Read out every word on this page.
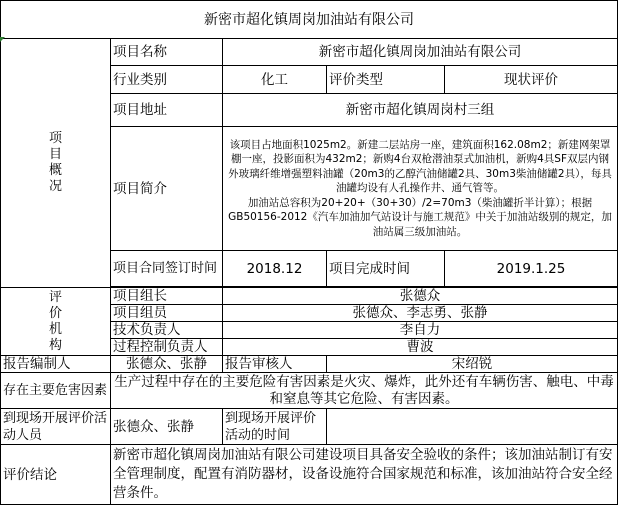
新密市超化镇周岗加油站有限公司				

项
目
概
况	项目名称	新密市超化镇周岗加油站有限公司		
	行业类别	化工	评价类型	现状评价
	项目地址	新密市超化镇周岗村三组		
	项目简介	该项目占地面积1025m2。新建二层站房一座，建筑面积162.08m2；新建网架罩棚一座，投影面积为432m2；新购4台双枪潜油泵式加油机，新购4具SF双层内钢外玻璃纤维增强塑料油罐（20m3的乙醇汽油储罐2具、30m3柴油储罐2具），每具油罐均设有人孔操作井、通气管等。
加油站总容积为20+20+（30+30）/2=70m3（柴油罐折半计算）；根据GB50156-2012《汽车加油加气站设计与施工规范》中关于加油站级别的规定，加油站属三级加油站。		

	项目合同签订时间	2018.12	项目完成时间	2019.1.25

评
价
机
构	项目组长	张德众		
	项目组员	张德众、李志勇、张静		
	技术负责人	李自力		
	过程控制负责人	曹波		
报告编制人	张德众、张静	报告审核人	宋绍锐	
存在主要危害因素	生产过程中存在的主要危险有害因素是火灾、爆炸，此外还有车辆伤害、触电、中毒和窒息等其它危险、有害因素。			
到现场开展评价活动人员	张德众、张静	到现场开展评价活动的时间		
评价结论	新密市超化镇周岗加油站有限公司建设项目具备安全验收的条件；该加油站制订有安全管理制度，配置有消防器材，设备设施符合国家规范和标准，该加油站符合安全经营条件。			
